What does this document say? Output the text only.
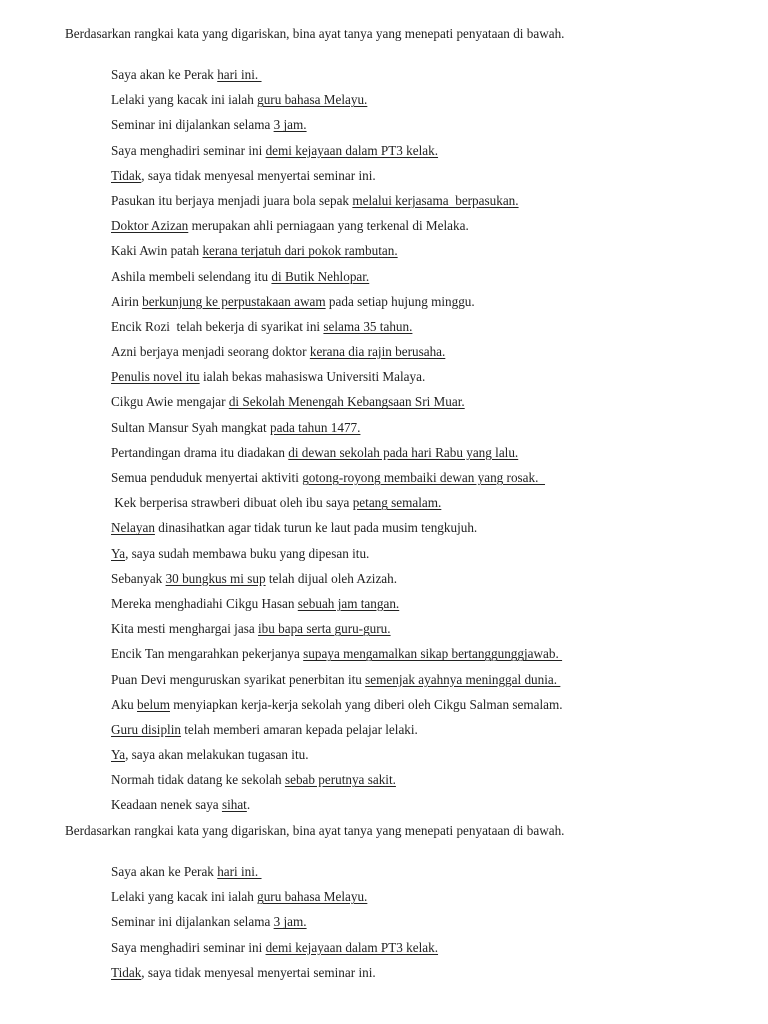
Berdasarkan rangkai kata yang digariskan, bina ayat tanya yang menepati penyataan di bawah.

Saya akan ke Perak hari ini.
Lelaki yang kacak ini ialah guru bahasa Melayu.
Seminar ini dijalankan selama 3 jam.
Saya menghadiri seminar ini demi kejayaan dalam PT3 kelak.
Tidak, saya tidak menyesal menyertai seminar ini.
Pasukan itu berjaya menjadi juara bola sepak melalui kerjasama  berpasukan.
Doktor Azizan merupakan ahli perniagaan yang terkenal di Melaka.
Kaki Awin patah kerana terjatuh dari pokok rambutan.
Ashila membeli selendang itu di Butik Nehlopar.
Airin berkunjung ke perpustakaan awam pada setiap hujung minggu.
Encik Rozi  telah bekerja di syarikat ini selama 35 tahun.
Azni berjaya menjadi seorang doktor kerana dia rajin berusaha.
Penulis novel itu ialah bekas mahasiswa Universiti Malaya.
Cikgu Awie mengajar di Sekolah Menengah Kebangsaan Sri Muar.
Sultan Mansur Syah mangkat pada tahun 1477.
Pertandingan drama itu diadakan di dewan sekolah pada hari Rabu yang lalu.
Semua penduduk menyertai aktiviti gotong-royong membaiki dewan yang rosak.
Kek berperisa strawberi dibuat oleh ibu saya petang semalam.
Nelayan dinasihatkan agar tidak turun ke laut pada musim tengkujuh.
Ya, saya sudah membawa buku yang dipesan itu.
Sebanyak 30 bungkus mi sup telah dijual oleh Azizah.
Mereka menghadiahi Cikgu Hasan sebuah jam tangan.
Kita mesti menghargai jasa ibu bapa serta guru-guru.
Encik Tan mengarahkan pekerjanya supaya mengamalkan sikap bertanggunggjawab.
Puan Devi menguruskan syarikat penerbitan itu semenjak ayahnya meninggal dunia.
Aku belum menyiapkan kerja-kerja sekolah yang diberi oleh Cikgu Salman semalam.
Guru disiplin telah memberi amaran kepada pelajar lelaki.
Ya, saya akan melakukan tugasan itu.
Normah tidak datang ke sekolah sebab perutnya sakit.
Keadaan nenek saya sihat.

Berdasarkan rangkai kata yang digariskan, bina ayat tanya yang menepati penyataan di bawah.

Saya akan ke Perak hari ini.
Lelaki yang kacak ini ialah guru bahasa Melayu.
Seminar ini dijalankan selama 3 jam.
Saya menghadiri seminar ini demi kejayaan dalam PT3 kelak.
Tidak, saya tidak menyesal menyertai seminar ini.
